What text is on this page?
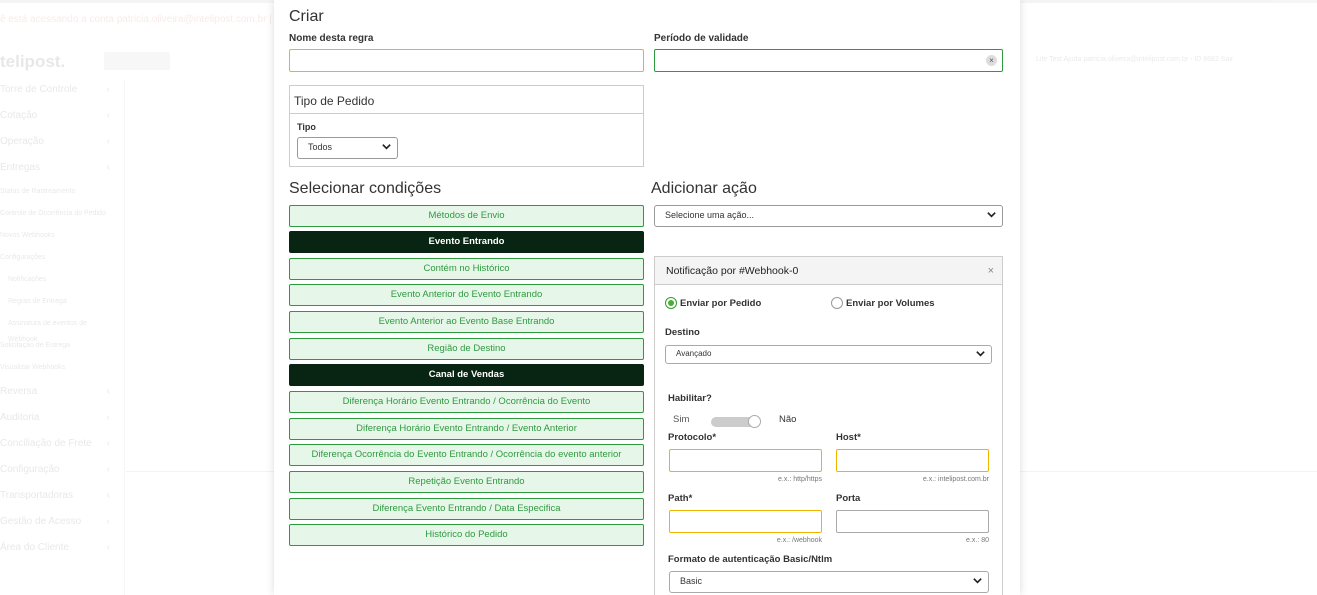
ê está acessando a conta patricia.oliveira@intelipost.com.br | ID
telipost.	Lite Test Ajuda patricia.oliveira@intelipost.com.br - ID 8682 Sair
Torre de Controle	‹
Cotação	‹
Operação	‹
Entregas	‹
Status de Rastreamento
Controle de Ocorrência do Pedido
Novos Webhooks
Configurações
Notificações
Regras de Entrega
Assinatura de eventos de Webhook
Solicitação de Entrega
Visualizar Webhooks
Reversa	‹
Auditoria	‹
Conciliação de Frete ‹
Configuração	‹
Transportadoras	‹
Gestão de Acesso	‹
Área do Cliente	‹
Criar
Nome desta regra	Período de validade
×
Tipo de Pedido
Tipo
Todos
Selecionar condições
Métodos de Envio
Evento Entrando
Contém no Histórico
Evento Anterior do Evento Entrando
Evento Anterior ao Evento Base Entrando
Região de Destino
Canal de Vendas
Diferença Horário Evento Entrando / Ocorrência do Evento
Diferença Horário Evento Entrando / Evento Anterior
Diferença Ocorrência do Evento Entrando / Ocorrência do evento anterior
Repetição Evento Entrando
Diferença Evento Entrando / Data Especifica
Histórico do Pedido
Adicionar ação
Selecione uma ação...
Notificação por #Webhook-0	×
Enviar por Pedido	Enviar por Volumes
Destino
Avançado
Habilitar?
Sim	Não
Protocolo*
e.x.: http/https
Host*
e.x.: intelipost.com.br
Path*
e.x.: /webhook
Porta
e.x.: 80
Formato de autenticação Basic/Ntlm
Basic
